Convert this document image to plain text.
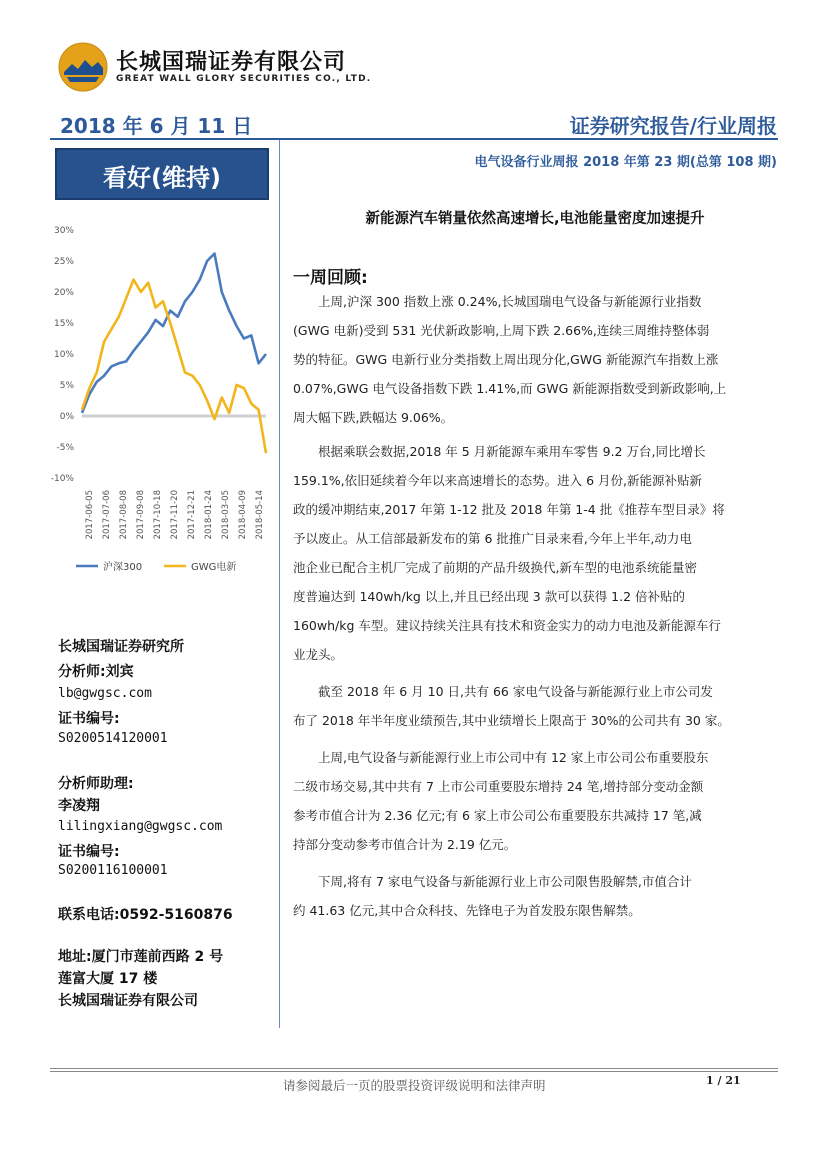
长城国瑞证券有限公司
GREAT WALL GLORY SECURITIES CO., LTD.
2018 年 6 月 11 日	证券研究报告/行业周报
看好(维持)
30%
25%
20%
15%
10%
5%
0%
-5%
-10%
2017-06-05 2017-07-06 2017-08-08 2017-09-08 2017-10-18 2017-11-20 2017-12-21 2018-01-24 2018-03-05 2018-04-09 2018-05-14
沪深300	GWG电新
长城国瑞证券研究所
分析师:刘宾
lb@gwgsc.com
证书编号:
S0200514120001
分析师助理:
李凌翔
lilingxiang@gwgsc.com
证书编号:
S0200116100001
联系电话:0592-5160876
地址:厦门市莲前西路 2 号
莲富大厦 17 楼
长城国瑞证券有限公司
电气设备行业周报 2018 年第 23 期(总第 108 期)
新能源汽车销量依然高速增长,电池能量密度加速提升
一周回顾:
上周,沪深 300 指数上涨 0.24%,长城国瑞电气设备与新能源行业指数
(GWG 电新)受到 531 光伏新政影响,上周下跌 2.66%,连续三周维持整体弱
势的特征。GWG 电新行业分类指数上周出现分化,GWG 新能源汽车指数上涨
0.07%,GWG 电气设备指数下跌 1.41%,而 GWG 新能源指数受到新政影响,上
周大幅下跌,跌幅达 9.06%。
根据乘联会数据,2018 年 5 月新能源车乘用车零售 9.2 万台,同比增长
159.1%,依旧延续着今年以来高速增长的态势。进入 6 月份,新能源补贴新
政的缓冲期结束,2017 年第 1-12 批及 2018 年第 1-4 批《推荐车型目录》将
予以废止。从工信部最新发布的第 6 批推广目录来看,今年上半年,动力电
池企业已配合主机厂完成了前期的产品升级换代,新车型的电池系统能量密
度普遍达到 140wh/kg 以上,并且已经出现 3 款可以获得 1.2 倍补贴的
160wh/kg 车型。建议持续关注具有技术和资金实力的动力电池及新能源车行
业龙头。
截至 2018 年 6 月 10 日,共有 66 家电气设备与新能源行业上市公司发
布了 2018 年半年度业绩预告,其中业绩增长上限高于 30%的公司共有 30 家。
上周,电气设备与新能源行业上市公司中有 12 家上市公司公布重要股东
二级市场交易,其中共有 7 上市公司重要股东增持 24 笔,增持部分变动金额
参考市值合计为 2.36 亿元;有 6 家上市公司公布重要股东共减持 17 笔,减
持部分变动参考市值合计为 2.19 亿元。
下周,将有 7 家电气设备与新能源行业上市公司限售股解禁,市值合计
约 41.63 亿元,其中合众科技、先锋电子为首发股东限售解禁。
请参阅最后一页的股票投资评级说明和法律声明	1 / 21
